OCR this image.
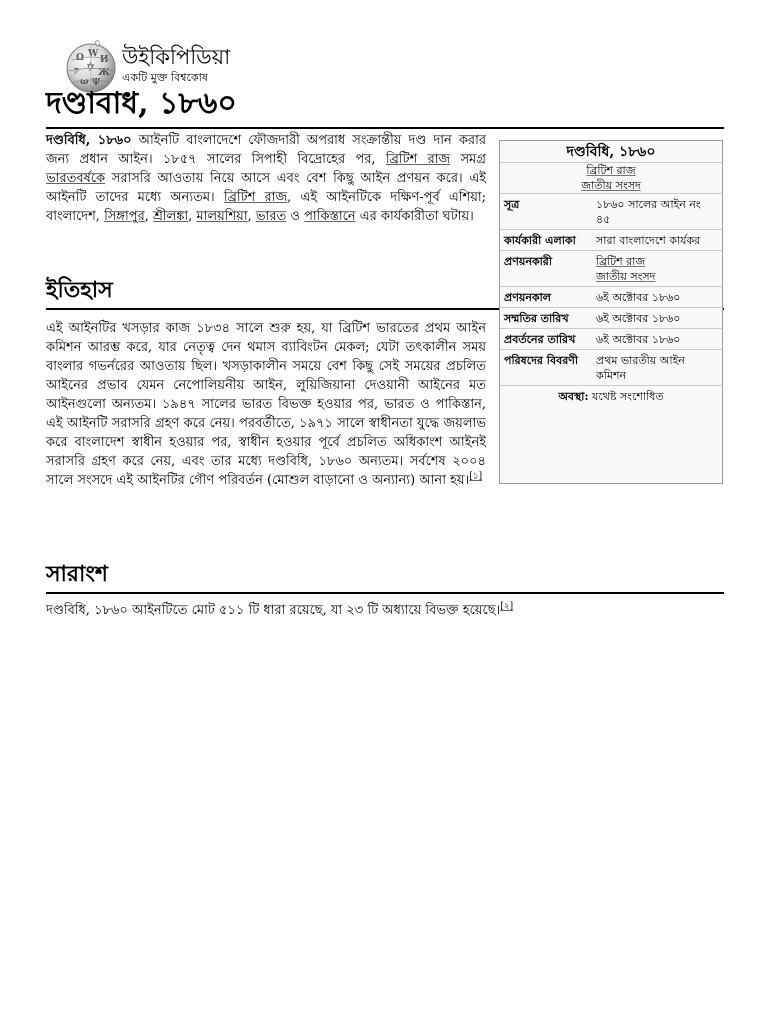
Ω W
И
ק ウ Ж
ω Ψ
উইকিপিডিয়া
একটি মুক্ত বিশ্বকোষ
দণ্ডাবাধ, ১৮৬০

দণ্ডবিধি, ১৮৬০ আইনটি বাংলাদেশে ফৌজদারী অপরাধ সংক্রান্তীয় দণ্ড দান করার জন্য প্রধান আইন। ১৮৫৭ সালের সিপাহী বিদ্রোহের পর, ব্রিটিশ রাজ সমগ্র ভারতবর্ষকে সরাসরি আওতায় নিয়ে আসে এবং বেশ কিছু আইন প্রণয়ন করে। এই আইনটি তাদের মধ্যে অন্যতম। ব্রিটিশ রাজ, এই আইনটিকে দক্ষিণ-পূর্ব এশিয়া; বাংলাদেশ, সিঙ্গাপুর, শ্রীলঙ্কা, মালয়শিয়া, ভারত ও পাকিস্তানে এর কার্যকারীতা ঘটায়।

ইতিহাস

এই আইনটির খসড়ার কাজ ১৮৩৪ সালে শুরু হয়, যা ব্রিটিশ ভারতের প্রথম আইন কমিশন আরম্ভ করে, যার নেতৃত্ব দেন থমাস ব্যাবিংটন মেকল; যেটা তৎকালীন সময় বাংলার গভর্নরের আওতায় ছিল। খসড়াকালীন সময়ে বেশ কিছু সেই সময়ের প্রচলিত আইনের প্রভাব যেমন নেপোলিয়নীয় আইন, লুয়িজিয়ানা দেওয়ানী আইনের মত আইনগুলো অন্যতম। ১৯৪৭ সালের ভারত বিভক্ত হওয়ার পর, ভারত ও পাকিস্তান, এই আইনটি সরাসরি গ্রহণ করে নেয়। পরবর্তীতে, ১৯৭১ সালে স্বাধীনতা যুদ্ধে জয়লাভ করে বাংলাদেশ স্বাধীন হওয়ার পর, স্বাধীন হওয়ার পূর্বে প্রচলিত অধিকাংশ আইনই সরাসরি গ্রহণ করে নেয়, এবং তার মধ্যে দণ্ডবিধি, ১৮৬০ অন্যতম। সর্বশেষ ২০০৪ সালে সংসদে এই আইনটির গৌণ পরিবর্তন (মোশুল বাড়ানো ও অন্যান্য) আনা হয়।[১]

সারাংশ

দণ্ডবিধি, ১৮৬০ আইনটিতে মোট ৫১১ টি ধারা রয়েছে, যা ২৩ টি অধ্যায়ে বিভক্ত হয়েছে।[২]

দণ্ডবিধি, ১৮৬০
ব্রিটিশ রাজ
জাতীয় সংসদ
সূত্র	১৮৬০ সালের আইন নং ৪৫
কার্যকারী এলাকা	সারা বাংলাদেশে কার্যকর
প্রণয়নকারী	ব্রিটিশ রাজ
জাতীয় সংসদ
প্রণয়নকাল	৬ই অক্টোবর ১৮৬০
সম্মতির তারিখ	৬ই অক্টোবর ১৮৬০
প্রবর্তনের তারিখ	৬ই অক্টোবর ১৮৬০
পরিষদের বিবরণী	প্রথম ভারতীয় আইন কমিশন
অবস্থা: যথেষ্ট সংশোধিত
